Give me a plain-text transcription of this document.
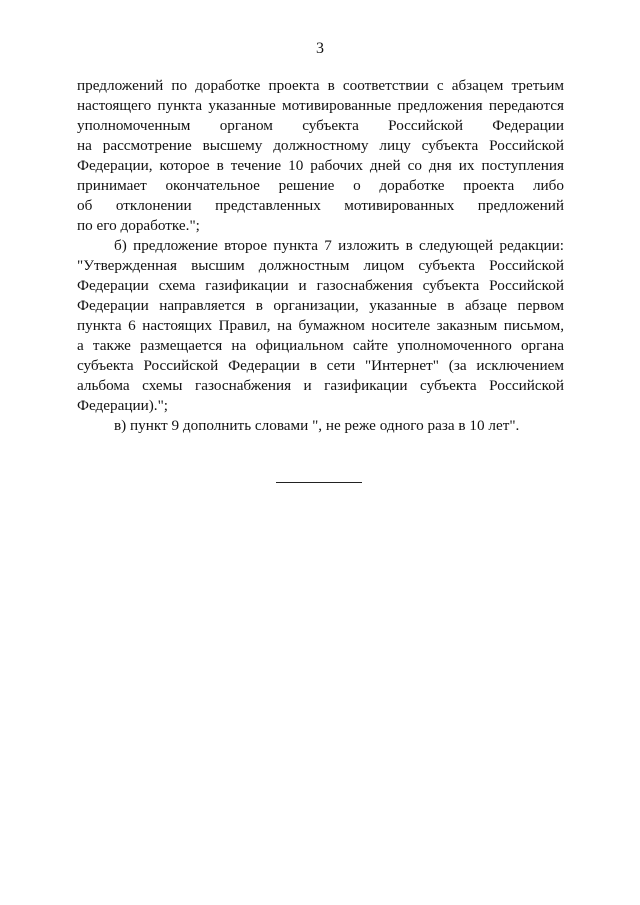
3
предложений по доработке проекта в соответствии с абзацем третьим
настоящего пункта указанные мотивированные предложения передаются
уполномоченным органом субъекта Российской Федерации
на рассмотрение высшему должностному лицу субъекта Российской
Федерации, которое в течение 10 рабочих дней со дня их поступления
принимает окончательное решение о доработке проекта либо
об отклонении представленных мотивированных предложений
по его доработке.";
б) предложение второе пункта 7 изложить в следующей редакции:
"Утвержденная высшим должностным лицом субъекта Российской
Федерации схема газификации и газоснабжения субъекта Российской
Федерации направляется в организации, указанные в абзаце первом
пункта 6 настоящих Правил, на бумажном носителе заказным письмом,
а также размещается на официальном сайте уполномоченного органа
субъекта Российской Федерации в сети "Интернет" (за исключением
альбома схемы газоснабжения и газификации субъекта Российской
Федерации).";
в) пункт 9 дополнить словами ", не реже одного раза в 10 лет".
